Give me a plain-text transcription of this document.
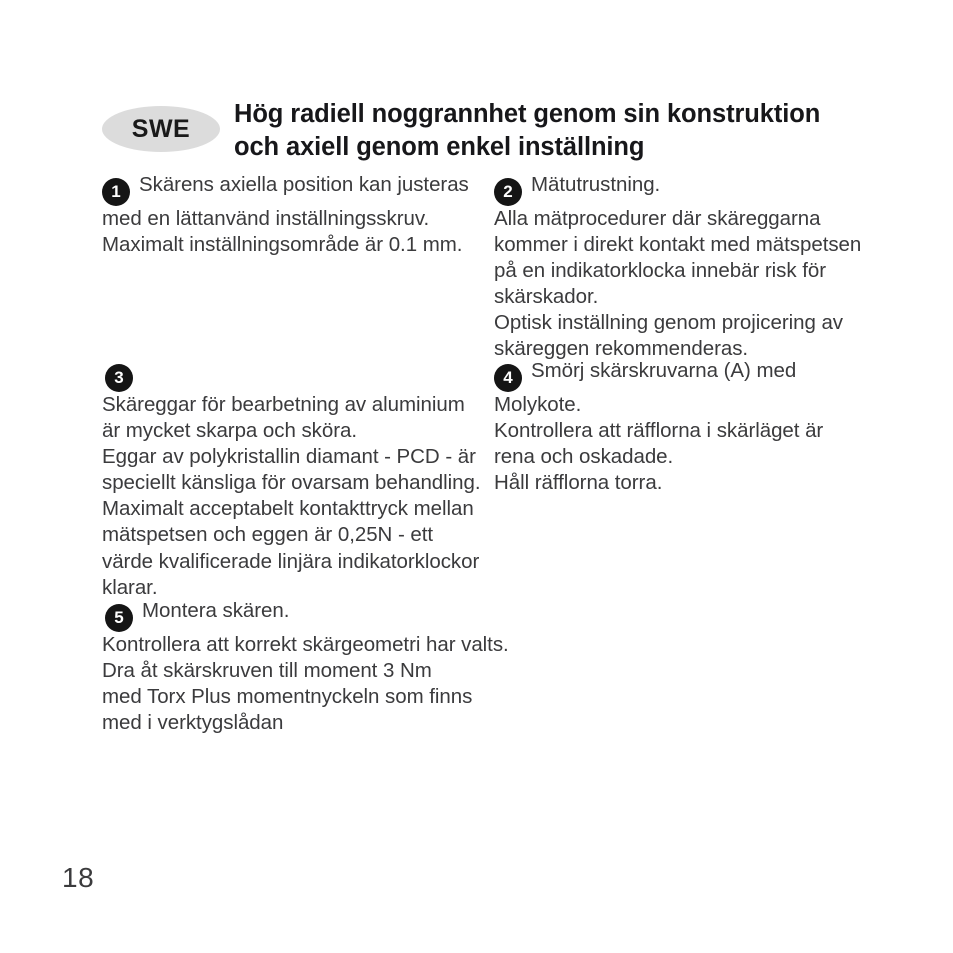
SWE
Hög radiell noggrannhet genom sin konstruktion
och axiell genom enkel inställning
1 Skärens axiella position kan justeras
med en lättanvänd inställningsskruv.
Maximalt inställningsområde är 0.1 mm.
3Skäreggar för bearbetning av aluminium
är mycket skarpa och sköra.
Eggar av polykristallin diamant - PCD - är
speciellt känsliga för ovarsam behandling.
Maximalt acceptabelt kontakttryck mellan
mätspetsen och eggen är 0,25N - ett
värde kvalificerade linjära indikatorklockor
klarar.
5 Montera skären.
Kontrollera att korrekt skärgeometri har valts.
Dra åt skärskruven till moment 3 Nm
med Torx Plus momentnyckeln som finns
med i verktygslådan
2 Mätutrustning.
Alla mätprocedurer där skäreggarna
kommer i direkt kontakt med mätspetsen
på en indikatorklocka innebär risk för
skärskador.
Optisk inställning genom projicering av
skäreggen rekommenderas.
4 Smörj skärskruvarna (A) med
Molykote.
Kontrollera att räfflorna i skärläget är
rena och oskadade.
Håll räfflorna torra.
18
